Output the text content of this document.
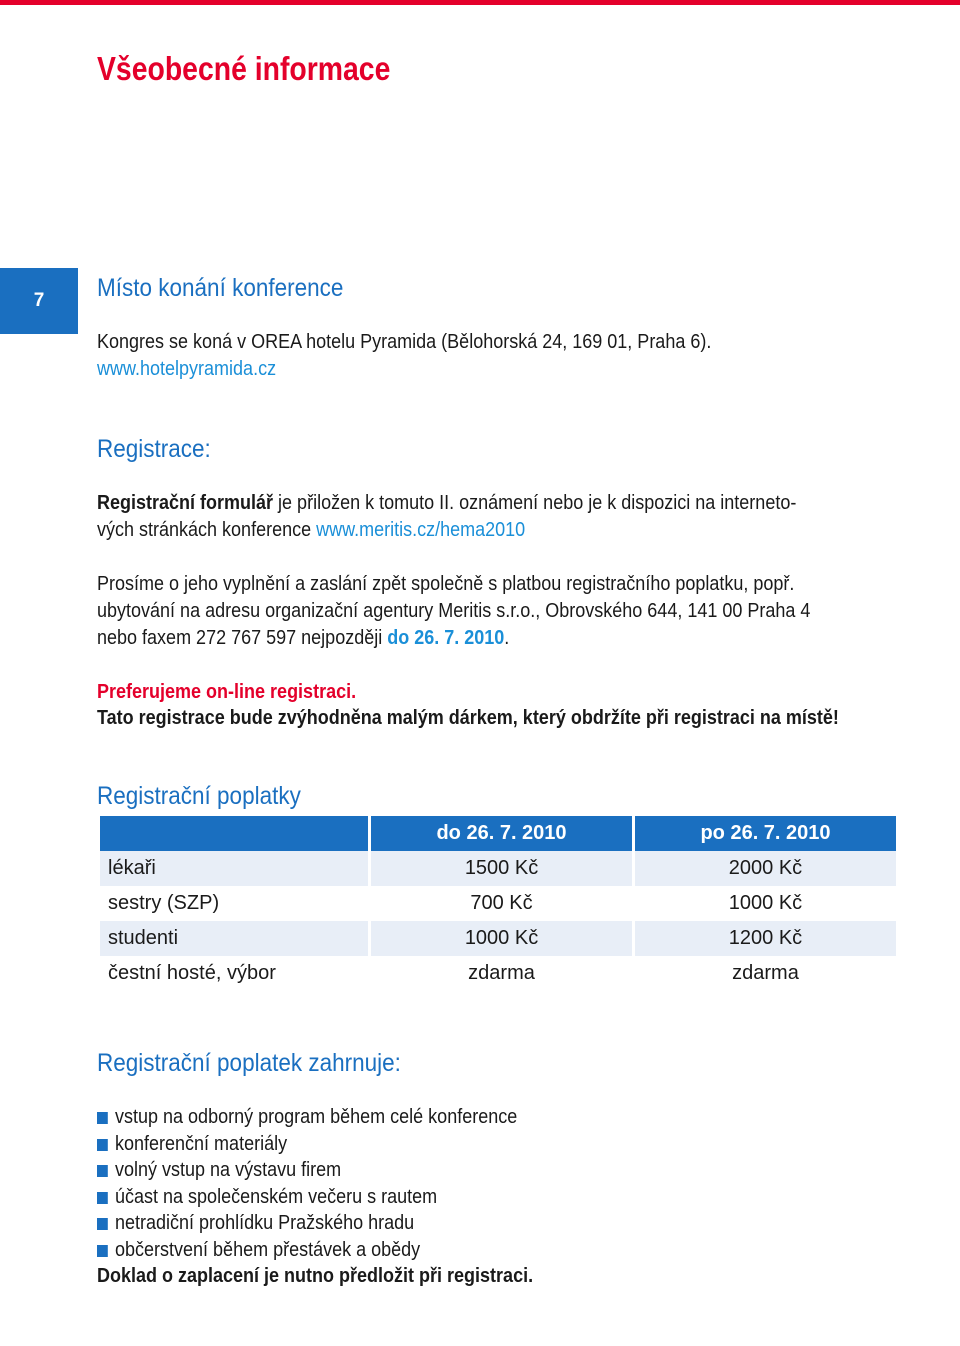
Všeobecné informace
7 Místo konání konference
Kongres se koná v OREA hotelu Pyramida (Bělohorská 24, 169 01, Praha 6).
www.hotelpyramida.cz
Registrace:
Registrační formulář je přiložen k tomuto II. oznámení nebo je k dispozici na interneto-
vých stránkách konference www.meritis.cz/hema2010
Prosíme o jeho vyplnění a zaslání zpět společně s platbou registračního poplatku, popř.
ubytování na adresu organizační agentury Meritis s.r.o., Obrovského 644, 141 00 Praha 4
nebo faxem 272 767 597 nejpozději do 26. 7. 2010.
Preferujeme on-line registraci.
Tato registrace bude zvýhodněna malým dárkem, který obdržíte při registraci na místě!
Registrační poplatky
Registrační poplatek zahrnuje:
	do 26. 7. 2010	po 26. 7. 2010
lékaři	1500 Kč	2000 Kč
sestry (SZP)	700 Kč	1000 Kč
studenti	1000 Kč	1200 Kč
čestní hosté, výbor	zdarma	zdarma
vstup na odborný program během celé konference
konferenční materiály
volný vstup na výstavu firem
účast na společenském večeru s rautem
netradiční prohlídku Pražského hradu
občerstvení během přestávek a obědy
Doklad o zaplacení je nutno předložit při registraci.
